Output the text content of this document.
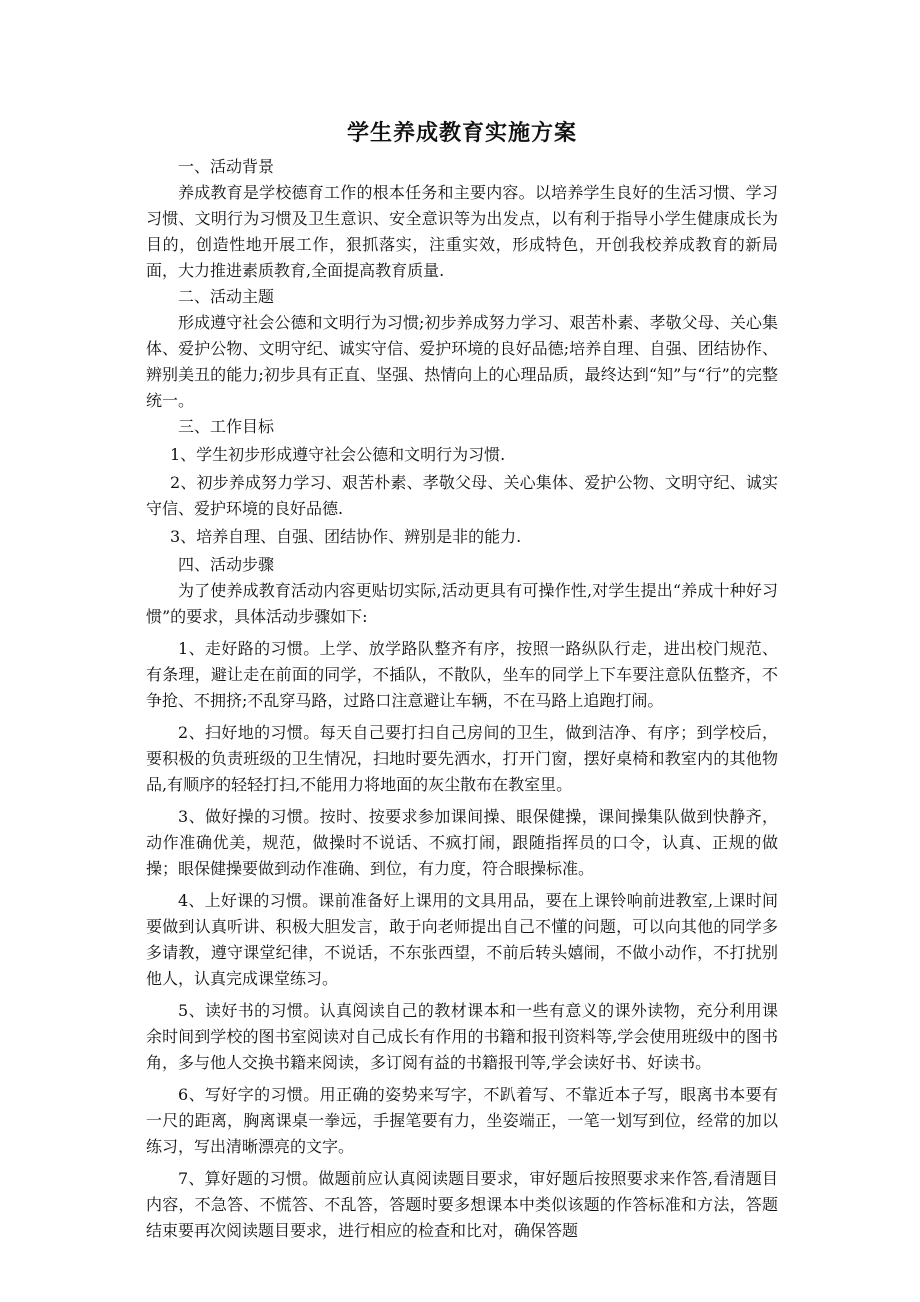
学生养成教育实施方案

一、活动背景

养成教育是学校德育工作的根本任务和主要内容。以培养学生良好的生活习惯、学习习惯、文明行为习惯及卫生意识、安全意识等为出发点，以有利于指导小学生健康成长为目的，创造性地开展工作，狠抓落实，注重实效，形成特色，开创我校养成教育的新局面，大力推进素质教育,全面提高教育质量.

二、活动主题

形成遵守社会公德和文明行为习惯;初步养成努力学习、艰苦朴素、孝敬父母、关心集体、爱护公物、文明守纪、诚实守信、爱护环境的良好品德;培养自理、自强、团结协作、辨别美丑的能力;初步具有正直、坚强、热情向上的心理品质，最终达到“知”与“行”的完整统一。

三、工作目标

1、学生初步形成遵守社会公德和文明行为习惯.

2、初步养成努力学习、艰苦朴素、孝敬父母、关心集体、爱护公物、文明守纪、诚实守信、爱护环境的良好品德.

3、培养自理、自强、团结协作、辨别是非的能力.

四、活动步骤

为了使养成教育活动内容更贴切实际,活动更具有可操作性,对学生提出“养成十种好习惯”的要求，具体活动步骤如下:

1、走好路的习惯。上学、放学路队整齐有序，按照一路纵队行走，进出校门规范、有条理，避让走在前面的同学，不插队，不散队，坐车的同学上下车要注意队伍整齐，不争抢、不拥挤;不乱穿马路，过路口注意避让车辆，不在马路上追跑打闹。

2、扫好地的习惯。每天自己要打扫自己房间的卫生，做到洁净、有序；到学校后，要积极的负责班级的卫生情况，扫地时要先洒水，打开门窗，摆好桌椅和教室内的其他物品,有顺序的轻轻打扫,不能用力将地面的灰尘散布在教室里。

3、做好操的习惯。按时、按要求参加课间操、眼保健操，课间操集队做到快静齐，动作准确优美，规范，做操时不说话、不疯打闹，跟随指挥员的口令，认真、正规的做操；眼保健操要做到动作准确、到位，有力度，符合眼操标准。

4、上好课的习惯。课前准备好上课用的文具用品，要在上课铃响前进教室,上课时间要做到认真听讲、积极大胆发言，敢于向老师提出自己不懂的问题，可以向其他的同学多多请教，遵守课堂纪律，不说话，不东张西望，不前后转头嬉闹，不做小动作，不打扰别他人，认真完成课堂练习。

5、读好书的习惯。认真阅读自己的教材课本和一些有意义的课外读物，充分利用课余时间到学校的图书室阅读对自己成长有作用的书籍和报刊资料等,学会使用班级中的图书角，多与他人交换书籍来阅读，多订阅有益的书籍报刊等,学会读好书、好读书。

6、写好字的习惯。用正确的姿势来写字，不趴着写、不靠近本子写，眼离书本要有一尺的距离，胸离课桌一拳远，手握笔要有力，坐姿端正，一笔一划写到位，经常的加以练习，写出清晰漂亮的文字。

7、算好题的习惯。做题前应认真阅读题目要求，审好题后按照要求来作答,看清题目内容，不急答、不慌答、不乱答，答题时要多想课本中类似该题的作答标准和方法，答题结束要再次阅读题目要求，进行相应的检查和比对，确保答题
